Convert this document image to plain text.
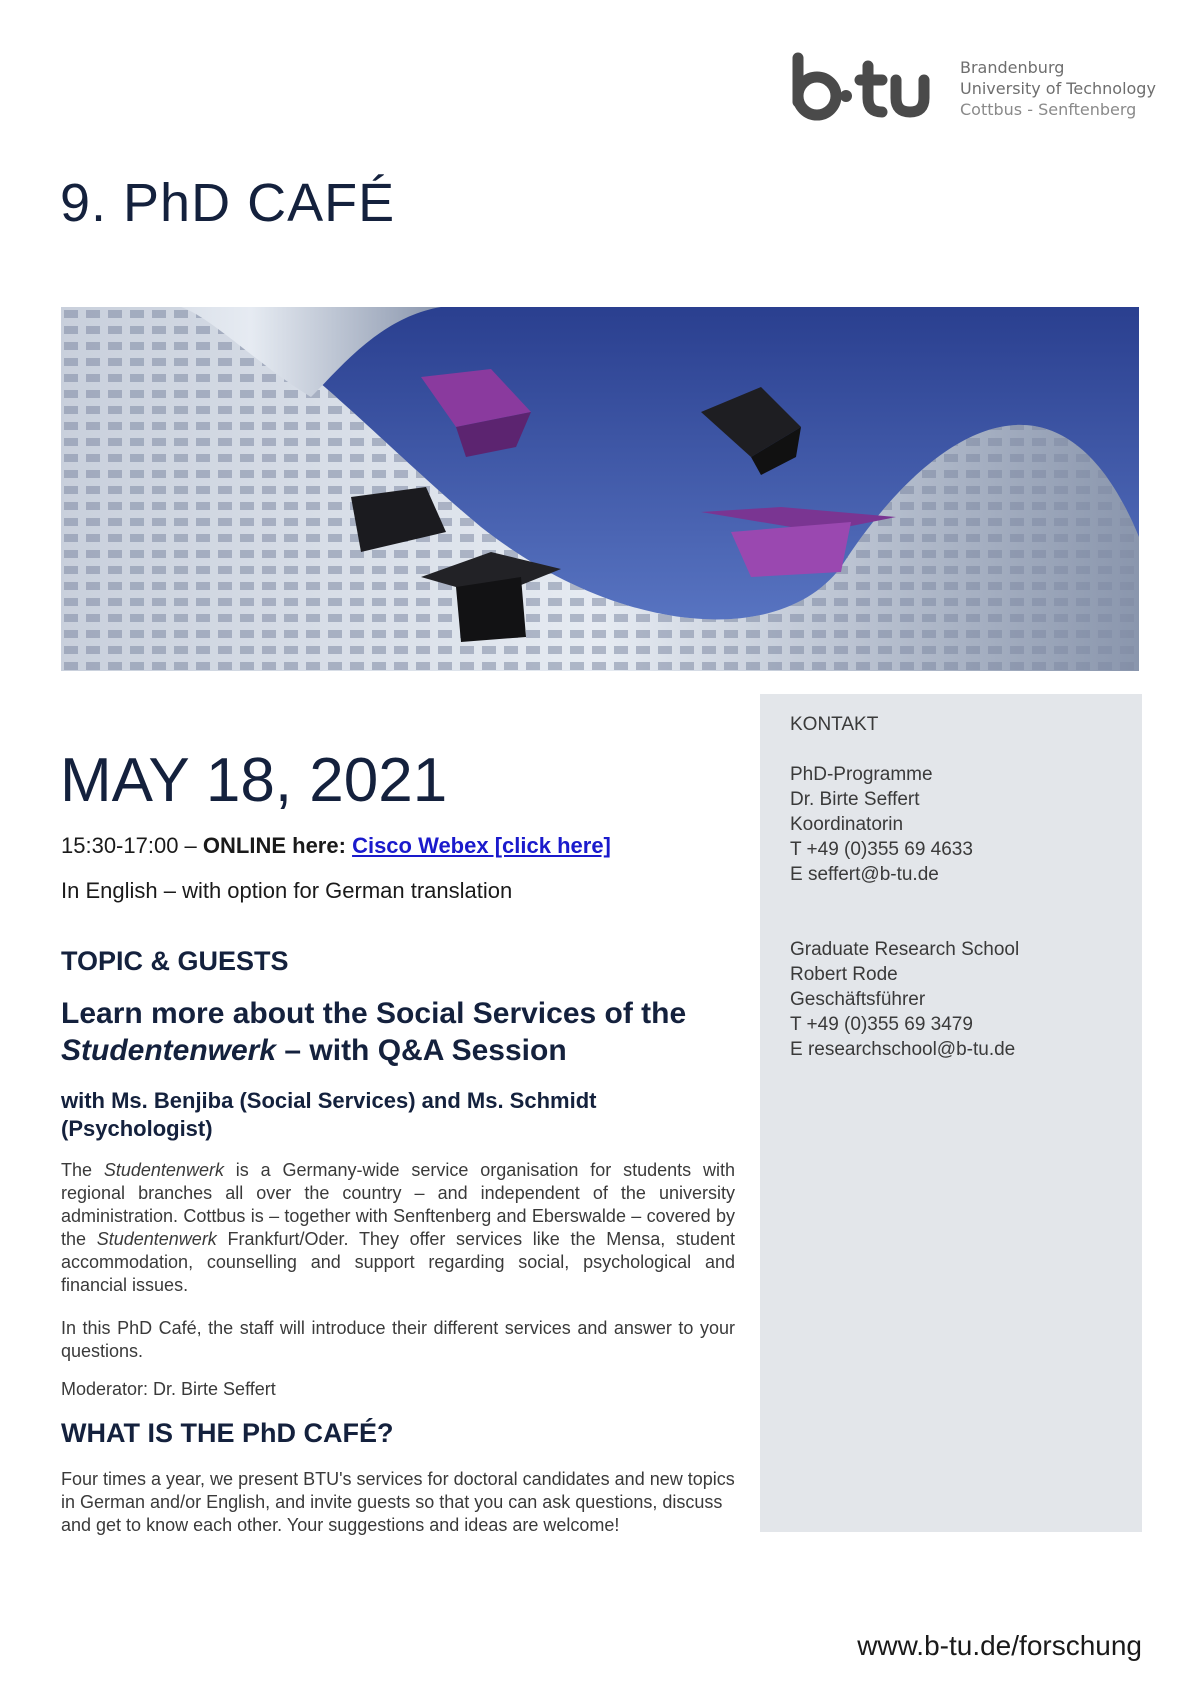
Brandenburg
University of Technology
Cottbus - Senftenberg
9. PhD CAFÉ
MAY 18, 2021
15:30-17:00 – ONLINE here: Cisco Webex [click here]
In English – with option for German translation
TOPIC & GUESTS
Learn more about the Social Services of the Studentenwerk – with Q&A Session

with Ms. Benjiba (Social Services) and Ms. Schmidt (Psychologist)

The Studentenwerk is a Germany-wide service organisation for students with regional branches all over the country – and independent of the university administration. Cottbus is – together with Senftenberg and Eberswalde – covered by the Studentenwerk Frankfurt/Oder. They offer services like the Mensa, student accommodation, counselling and support regarding social, psychological and financial issues.

In this PhD Café, the staff will introduce their different services and answer to your questions.

Moderator: Dr. Birte Seffert

WHAT IS THE PhD CAFÉ?

Four times a year, we present BTU's services for doctoral candidates and new topics in German and/or English, and invite guests so that you can ask questions, discuss and get to know each other. Your suggestions and ideas are welcome!

KONTAKT
PhD-Programme
Dr. Birte Seffert
Koordinatorin
T +49 (0)355 69 4633
E seffert@b-tu.de
Graduate Research School
Robert Rode
Geschäftsführer
T +49 (0)355 69 3479
E researchschool@b-tu.de
www.b-tu.de/forschung
